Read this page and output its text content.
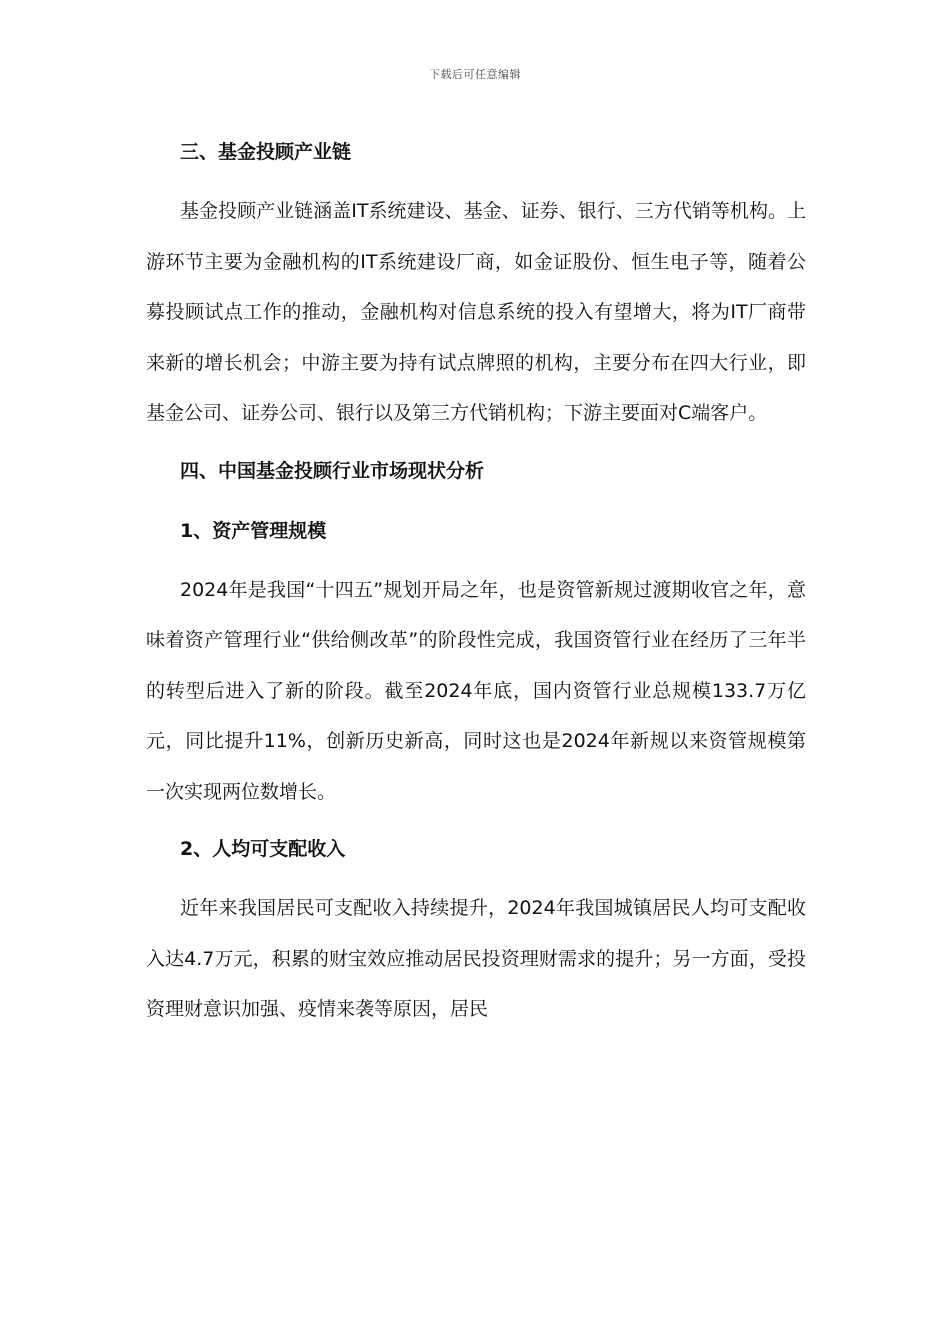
下载后可任意编辑
三、基金投顾产业链

基金投顾产业链涵盖IT系统建设、基金、证券、银行、三方代销等机构。上游环节主要为金融机构的IT系统建设厂商，如金证股份、恒生电子等，随着公募投顾试点工作的推动，金融机构对信息系统的投入有望增大，将为IT厂商带来新的增长机会；中游主要为持有试点牌照的机构，主要分布在四大行业，即基金公司、证券公司、银行以及第三方代销机构；下游主要面对C端客户。

四、中国基金投顾行业市场现状分析
1、资产管理规模

2024年是我国“十四五”规划开局之年，也是资管新规过渡期收官之年，意味着资产管理行业“供给侧改革”的阶段性完成，我国资管行业在经历了三年半的转型后进入了新的阶段。截至2024年底，国内资管行业总规模133.7万亿元，同比提升11%，创新历史新高，同时这也是2024年新规以来资管规模第一次实现两位数增长。

2、人均可支配收入

近年来我国居民可支配收入持续提升，2024年我国城镇居民人均可支配收入达4.7万元，积累的财宝效应推动居民投资理财需求的提升；另一方面，受投资理财意识加强、疫情来袭等原因，居民
